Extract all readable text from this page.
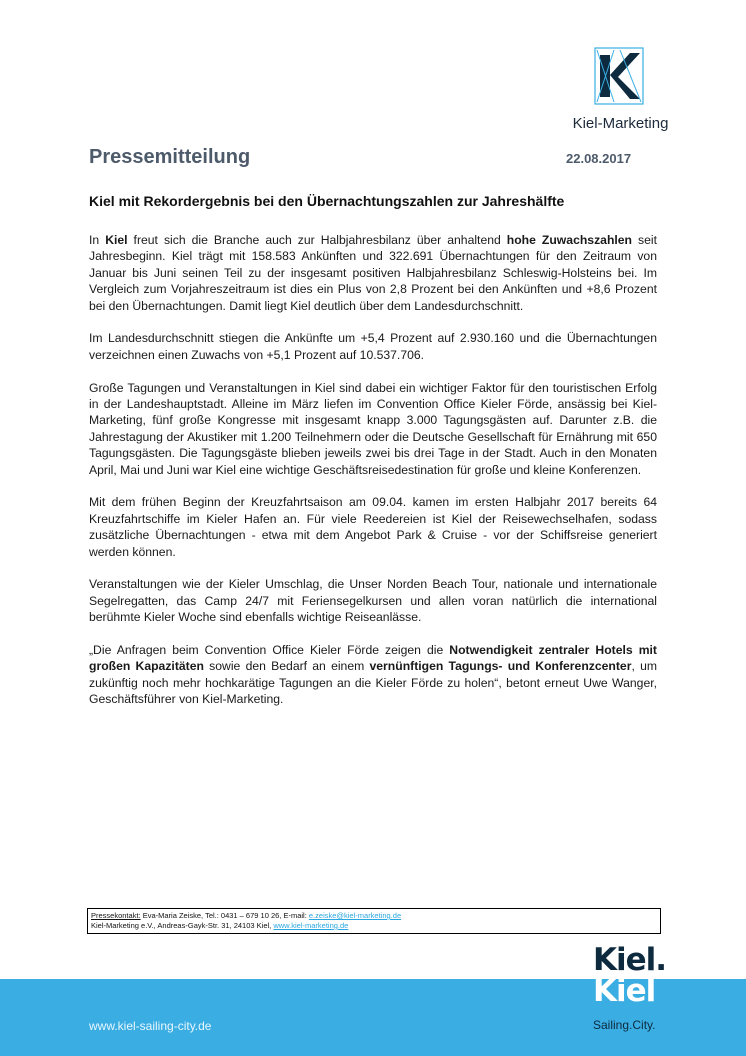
Kiel-Marketing
Pressemitteilung	22.08.2017
Kiel mit Rekordergebnis bei den Übernachtungszahlen zur Jahreshälfte

In Kiel freut sich die Branche auch zur Halbjahresbilanz über anhaltend hohe Zuwachszahlen seit Jahresbeginn. Kiel trägt mit 158.583 Ankünften und 322.691 Übernachtungen für den Zeitraum von Januar bis Juni seinen Teil zu der insgesamt positiven Halbjahresbilanz Schleswig-Holsteins bei. Im Vergleich zum Vorjahreszeitraum ist dies ein Plus von 2,8 Prozent bei den Ankünften und +8,6 Prozent bei den Übernachtungen. Damit liegt Kiel deutlich über dem Landesdurchschnitt.

Im Landesdurchschnitt stiegen die Ankünfte um +5,4 Prozent auf 2.930.160 und die Übernachtungen verzeichnen einen Zuwachs von +5,1 Prozent auf 10.537.706.

Große Tagungen und Veranstaltungen in Kiel sind dabei ein wichtiger Faktor für den touristischen Erfolg in der Landeshauptstadt. Alleine im März liefen im Convention Office Kieler Förde, ansässig bei Kiel-Marketing, fünf große Kongresse mit insgesamt knapp 3.000 Tagungsgästen auf. Darunter z.B. die Jahrestagung der Akustiker mit 1.200 Teilnehmern oder die Deutsche Gesellschaft für Ernährung mit 650 Tagungsgästen. Die Tagungsgäste blieben jeweils zwei bis drei Tage in der Stadt. Auch in den Monaten April, Mai und Juni war Kiel eine wichtige Geschäftsreisedestination für große und kleine Konferenzen.

Mit dem frühen Beginn der Kreuzfahrtsaison am 09.04. kamen im ersten Halbjahr 2017 bereits 64 Kreuzfahrtschiffe im Kieler Hafen an. Für viele Reedereien ist Kiel der Reisewechselhafen, sodass zusätzliche Übernachtungen - etwa mit dem Angebot Park & Cruise - vor der Schiffsreise generiert werden können.

Veranstaltungen wie der Kieler Umschlag, die Unser Norden Beach Tour, nationale und internationale Segelregatten, das Camp 24/7 mit Feriensegelkursen und allen voran natürlich die international berühmte Kieler Woche sind ebenfalls wichtige Reiseanlässe.

„Die Anfragen beim Convention Office Kieler Förde zeigen die Notwendigkeit zentraler Hotels mit großen Kapazitäten sowie den Bedarf an einem vernünftigen Tagungs- und Konferenzcenter, um zukünftig noch mehr hochkarätige Tagungen an die Kieler Förde zu holen“, betont erneut Uwe Wanger, Geschäftsführer von Kiel-Marketing.

Pressekontakt: Eva-Maria Zeiske, Tel.: 0431 – 679 10 26, E-mail: e.zeiske@kiel-marketing.de
Kiel-Marketing e.V., Andreas-Gayk-Str. 31, 24103 Kiel, www.kiel-marketing.de
www.kiel-sailing-city.de
Kiel.
Kiel
Sailing.City.
